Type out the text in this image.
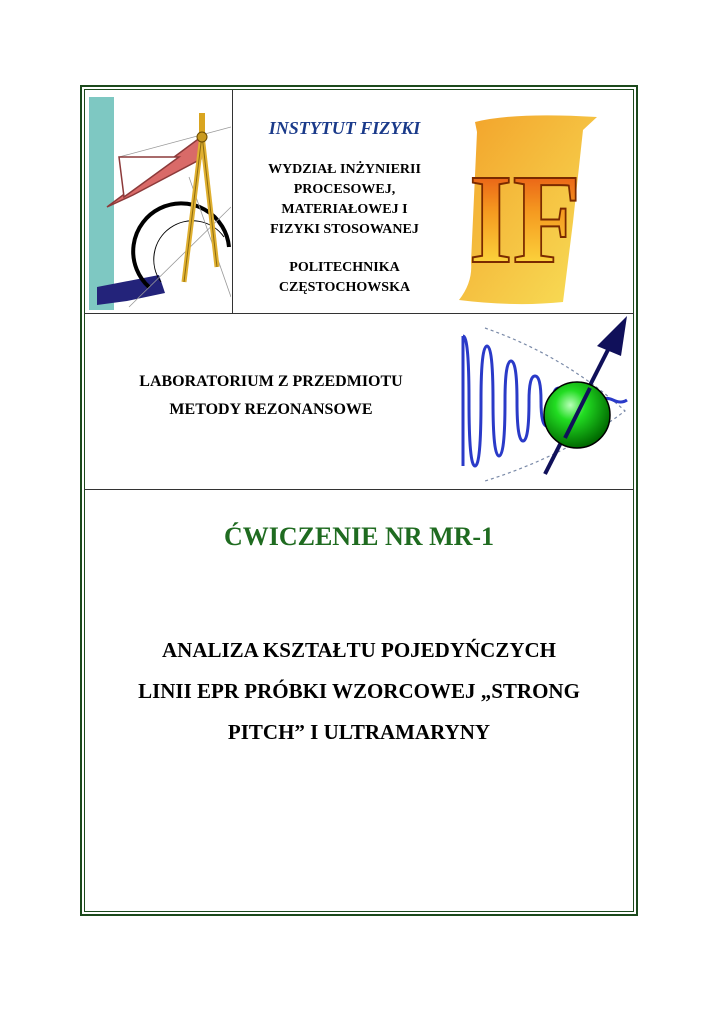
INSTYTUT FIZYKI
WYDZIAŁ INŻYNIERII
PROCESOWEJ,
MATERIAŁOWEJ I
FIZYKI STOSOWANEJ
POLITECHNIKA
CZĘSTOCHOWSKA IF
LABORATORIUM Z PRZEDMIOTU
METODY REZONANSOWE
ĆWICZENIE NR MR-1
ANALIZA KSZTAŁTU POJEDYŃCZYCH
LINII EPR PRÓBKI WZORCOWEJ „STRONG
PITCH” I ULTRAMARYNY
